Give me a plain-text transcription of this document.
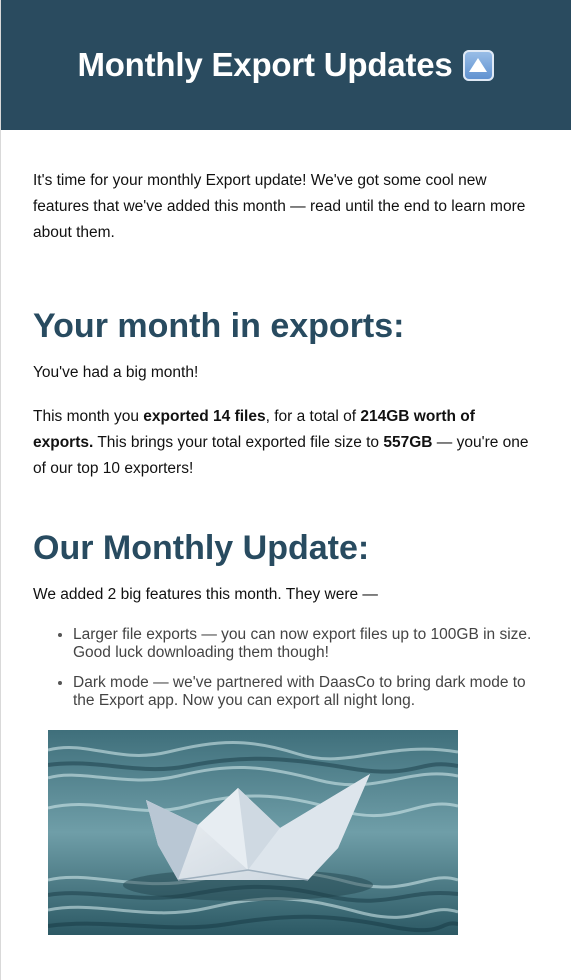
Monthly Export Updates

It's time for your monthly Export update! We've got some cool new features that we've added this month — read until the end to learn more about them.

Your month in exports:

You've had a big month!

This month you exported 14 files, for a total of 214GB worth of exports. This brings your total exported file size to 557GB — you're one of our top 10 exporters!

Our Monthly Update:

We added 2 big features this month. They were —

• Larger file exports — you can now export files up to 100GB in size. Good luck downloading them though!
• Dark mode — we've partnered with DaasCo to bring dark mode to the Export app. Now you can export all night long.
